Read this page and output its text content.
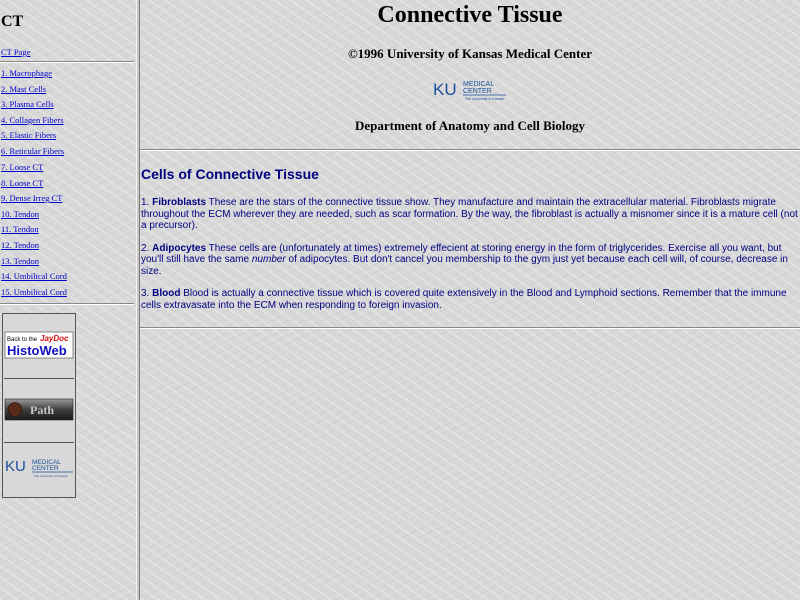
CT
CT Page
1. Macrophage
2. Mast Cells
3. Plasma Cells
4. Collagen Fibers
5. Elastic Fibers
6. Reticular Fibers
7. Loose CT
8. Loose CT
9. Dense Irreg CT
10. Tendon
11. Tendon
12. Tendon
13. Tendon
14. Umbilical Cord
15. Umbilical Cord
Back to the JayDoc
HistoWeb
Path
KU MEDICAL
CENTER
The University of Kansas
Connective Tissue
©1996 University of Kansas Medical Center
KU MEDICAL
CENTER
The University of Kansas
Department of Anatomy and Cell Biology
Cells of Connective Tissue

1. Fibroblasts These are the stars of the connective tissue show. They manufacture and maintain the extracellular material. Fibroblasts migrate throughout the ECM wherever they are needed, such as scar formation. By the way, the fibroblast is actually a misnomer since it is a mature cell (not a precursor).

2. Adipocytes These cells are (unfortunately at times) extremely effecient at storing energy in the form of triglycerides. Exercise all you want, but you'll still have the same number of adipocytes. But don't cancel you membership to the gym just yet because each cell will, of course, decrease in size.

3. Blood Blood is actually a connective tissue which is covered quite extensively in the Blood and Lymphoid sections. Remember that the immune cells extravasate into the ECM when responding to foreign invasion.
